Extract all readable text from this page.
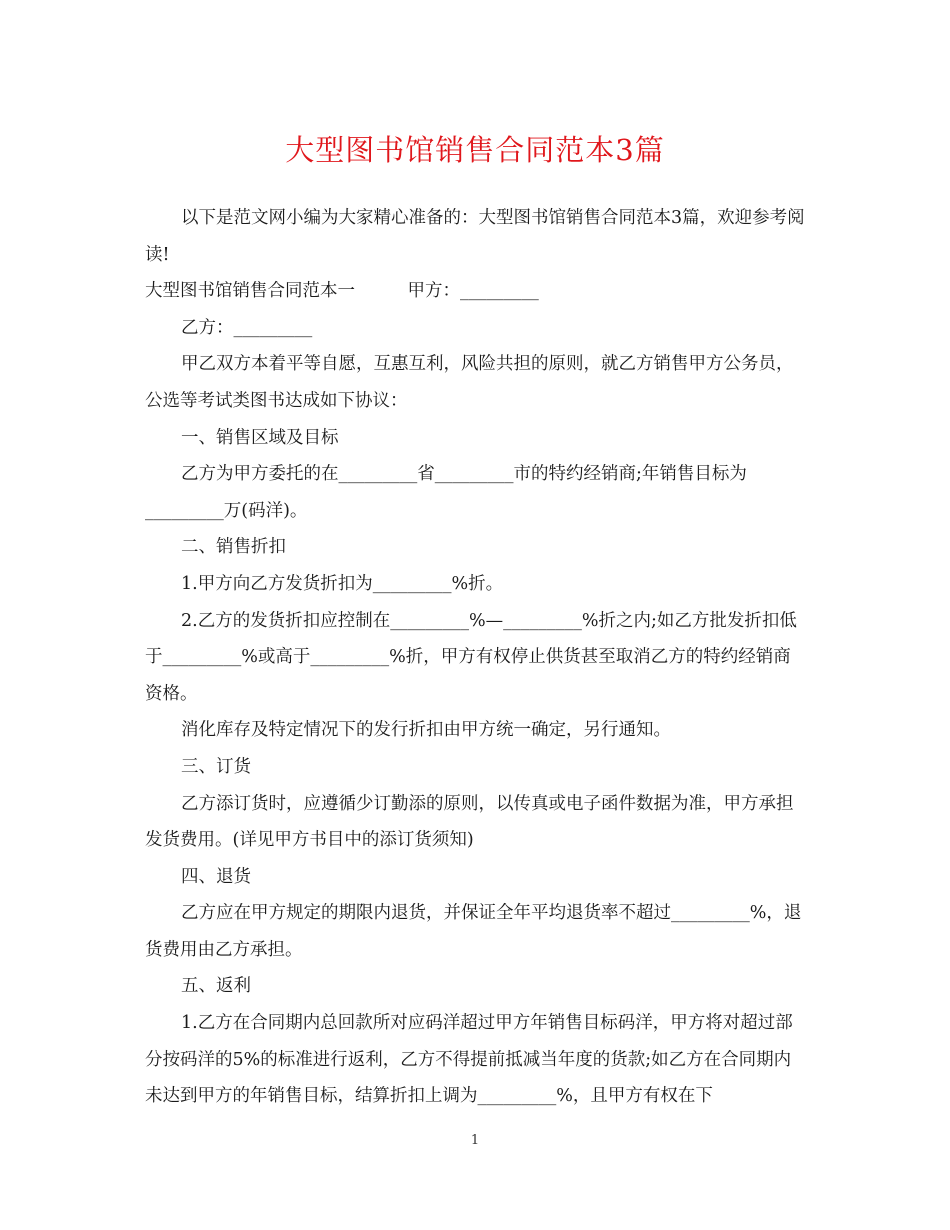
大型图书馆销售合同范本3篇

以下是范文网小编为大家精心准备的：大型图书馆销售合同范本3篇，欢迎参考阅读!

大型图书馆销售合同范本一　　　甲方：_________

乙方：_________

甲乙双方本着平等自愿，互惠互利，风险共担的原则，就乙方销售甲方公务员，公选等考试类图书达成如下协议：

一、销售区域及目标

乙方为甲方委托的在_________省_________市的特约经销商;年销售目标为_________万(码洋)。

二、销售折扣

1.甲方向乙方发货折扣为_________%折。

2.乙方的发货折扣应控制在_________%—_________%折之内;如乙方批发折扣低于_________%或高于_________%折，甲方有权停止供货甚至取消乙方的特约经销商资格。

消化库存及特定情况下的发行折扣由甲方统一确定，另行通知。

三、订货

乙方添订货时，应遵循少订勤添的原则，以传真或电子函件数据为准，甲方承担发货费用。(详见甲方书目中的添订货须知)

四、退货

乙方应在甲方规定的期限内退货，并保证全年平均退货率不超过_________%，退货费用由乙方承担。

五、返利

1.乙方在合同期内总回款所对应码洋超过甲方年销售目标码洋，甲方将对超过部分按码洋的5%的标准进行返利，乙方不得提前抵减当年度的货款;如乙方在合同期内未达到甲方的年销售目标，结算折扣上调为_________%，且甲方有权在下

1
